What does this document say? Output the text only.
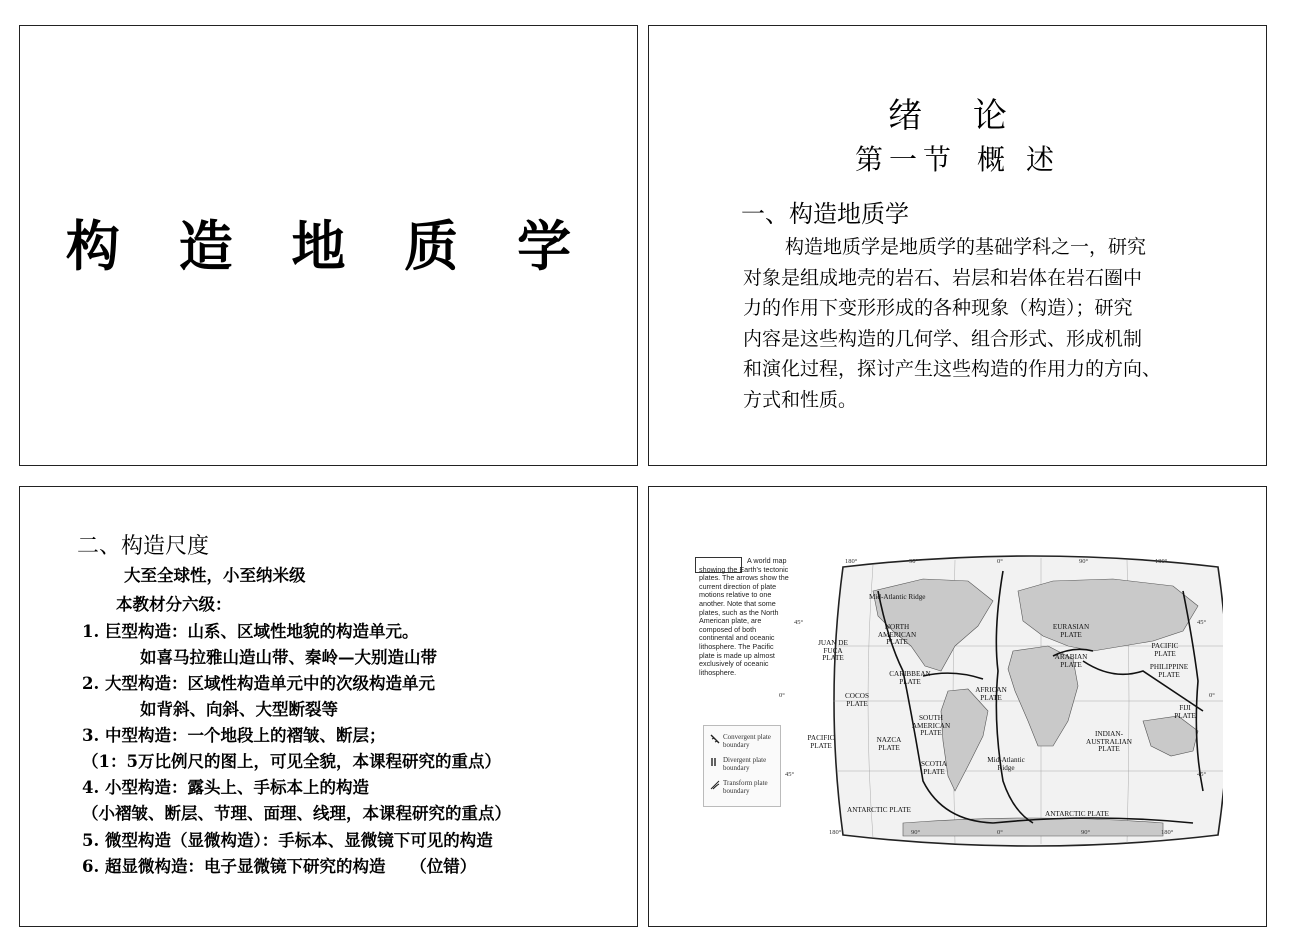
构 造 地 质 学
绪 论
第一节 概 述
一、构造地质学
构造地质学是地质学的基础学科之一，研究
对象是组成地壳的岩石、岩层和岩体在岩石圈中
力的作用下变形形成的各种现象（构造）；研究
内容是这些构造的几何学、组合形式、形成机制
和演化过程，探讨产生这些构造的作用力的方向、
方式和性质。
二、构造尺度
大至全球性，小至纳米级
本教材分六级：
1. 巨型构造：山系、区域性地貌的构造单元。
如喜马拉雅山造山带、秦岭—大别造山带
2. 大型构造：区域性构造单元中的次级构造单元
如背斜、向斜、大型断裂等
3. 中型构造：一个地段上的褶皱、断层；
（1：5万比例尺的图上，可见全貌，本课程研究的重点）
4. 小型构造：露头上、手标本上的构造
（小褶皱、断层、节理、面理、线理，本课程研究的重点）
5. 微型构造（显微构造）：手标本、显微镜下可见的构造
6. 超显微构造：电子显微镜下研究的构造　　（位错）
A world map showing the Earth's tectonic plates. The arrows show the current direction of plate motions relative to one another. Note that some plates, such as the North American plate, are composed of both continental and oceanic lithosphere. The Pacific plate is made up almost exclusively of oceanic lithosphere.
Convergent plate boundary
Divergent plate boundary
Transform plate boundary
Mid-Atlantic Ridge
NORTH AMERICAN PLATE
JUAN DE FUCA PLATE
CARIBBEAN PLATE
COCOS PLATE
PACIFIC PLATE
NAZCA PLATE
SOUTH AMERICAN PLATE
SCOTIA PLATE
AFRICAN PLATE
Mid-Atlantic Ridge
EURASIAN PLATE
ARABIAN PLATE
INDIAN-AUSTRALIAN PLATE
PHILIPPINE PLATE
PACIFIC PLATE
FIJI PLATE
ANTARCTIC PLATE	ANTARCTIC PLATE
180°	90°	0°	90°	180°
180°	90°	0°	90°	180°
45°
0°
45°
45°
0°
45°
